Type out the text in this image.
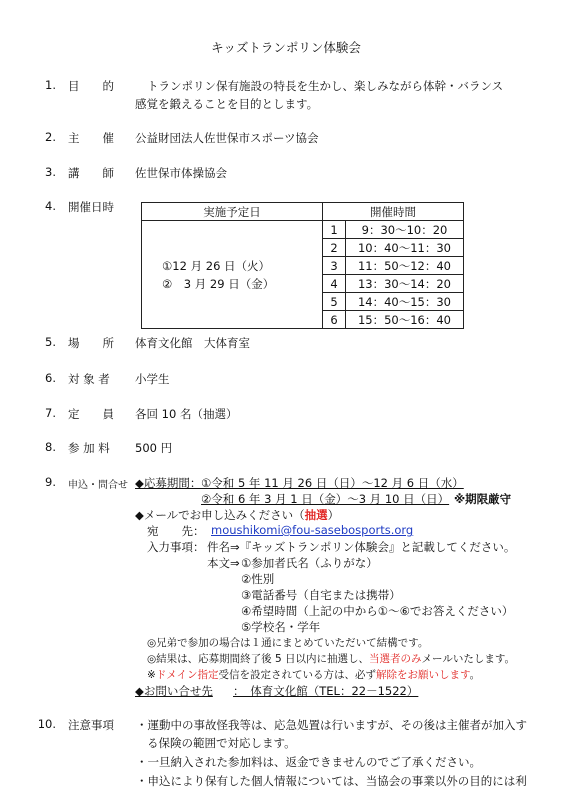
キッズトランポリン体験会
1. 目　　的	トランポリン保有施設の特長を生かし、楽しみながら体幹・バランス
感覚を鍛えることを目的とします。
2. 主　　催 公益財団法人佐世保市スポーツ協会
3. 講　　師 佐世保市体操協会
4. 開催日時	実施予定日	開催時間	

①12 月 26 日（火）
②　3 月 29 日（金）	1	9：30〜10：20
	2	10：40〜11：30
	3	11：50〜12：40
	4	13：30〜14：20
	5	14：40〜15：30
	6	15：50〜16：40
5. 場　　所 体育文化館　大体育室
6. 対 象 者 小学生
7. 定　　員 各回 10 名（抽選）
8. 参 加 料 500 円
9. 申込・問合せ ◆応募期間： ①令和 5 年 11 月 26 日（日）〜12 月 6 日（水）
②令和 6 年 3 月 1 日（金）〜3 月 10 日（日） ※期限厳守
◆メールでお申し込みください（抽選）
宛　　先： moushikomi@fou-sasebosports.org
入力事項： 件名⇒『キッズトランポリン体験会』と記載してください。
本文⇒ ①参加者氏名（ふりがな）
②性別
③電話番号（自宅または携帯）
④希望時間（上記の中から①〜⑥でお答えください）
⑤学校名・学年
◎兄弟で参加の場合は１通にまとめていただいて結構です。
◎結果は、応募期間終了後 5 日以内に抽選し、当選者のみメールいたします。
※ドメイン指定受信を設定されている方は、必ず解除をお願いします。
◆お問い合せ先 ：　体育文化館（TEL：22－1522）
10. 注意事項 ・運動中の事故怪我等は、応急処置は行いますが、その後は主催者が加入す
る保険の範囲で対応します。
・一旦納入された参加料は、返金できませんのでご了承ください。
・申込により保有した個人情報については、当協会の事業以外の目的には利
